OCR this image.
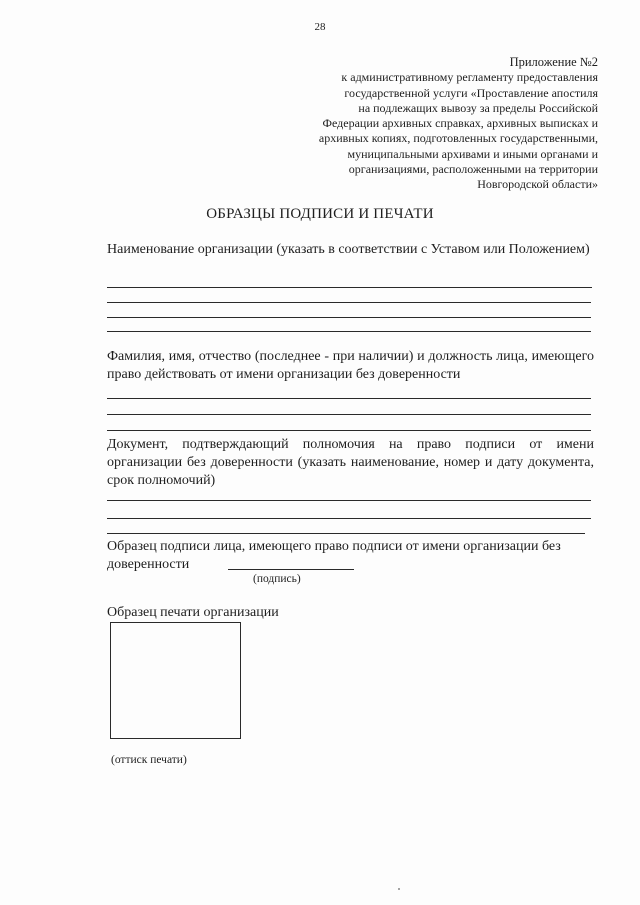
28
Приложение №2
к административному регламенту предоставления
государственной услуги «Проставление апостиля
на подлежащих вывозу за пределы Российской
Федерации архивных справках, архивных выписках и
архивных копиях, подготовленных государственными,
муниципальными архивами и иными органами и
организациями, расположенными на территории
Новгородской области»
ОБРАЗЦЫ ПОДПИСИ И ПЕЧАТИ
Наименование организации (указать в соответствии с Уставом или Положением)
Фамилия, имя, отчество (последнее - при наличии) и должность лица, имеющего право действовать от имени организации без доверенности
Документ, подтверждающий полномочия на право подписи от имени организации без доверенности (указать наименование, номер и дату документа, срок полномочий)
Образец подписи лица, имеющего право подписи от имени организации без доверенности
(подпись)
Образец печати организации
(оттиск печати)
